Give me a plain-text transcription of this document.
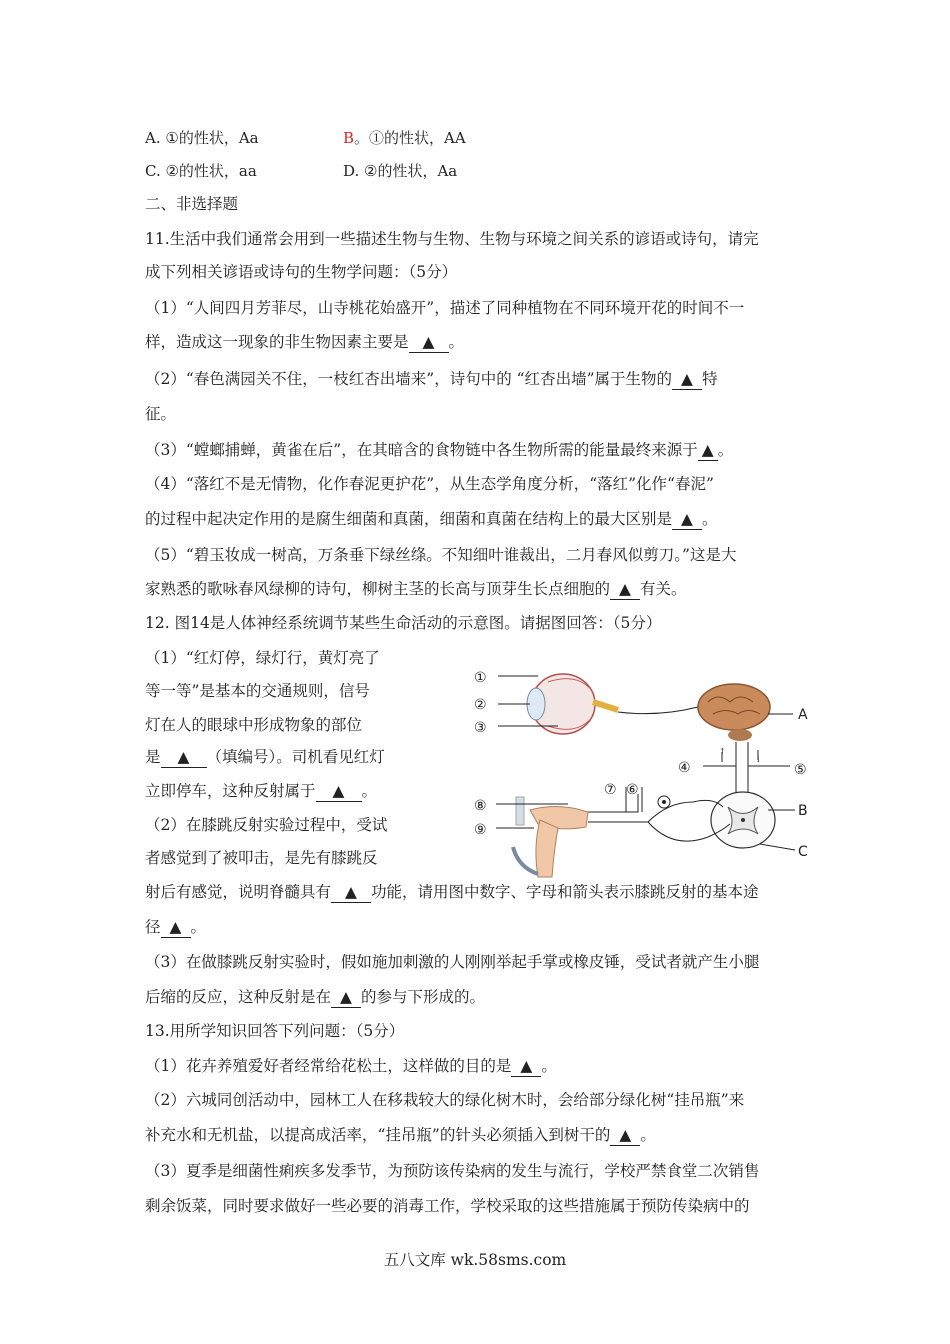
A. ①的性状，Aa	B。①的性状，AA
C. ②的性状，aa	D. ②的性状，Aa
二、非选择题
11.生活中我们通常会用到一些描述生物与生物、生物与环境之间关系的谚语或诗句，请完
成下列相关谚语或诗句的生物学问题：（5分）
（1）“人间四月芳菲尽，山寺桃花始盛开”，描述了同种植物在不同环境开花的时间不一
样，造成这一现象的非生物因素主要是 ▲ 。
（2）“春色满园关不住，一枝红杏出墙来”，诗句中的 “红杏出墙”属于生物的 ▲ 特
征。
（3）“螳螂捕蝉，黄雀在后”，在其暗含的食物链中各生物所需的能量最终来源于 ▲ 。
（4）“落红不是无情物，化作春泥更护花”，从生态学角度分析，“落红”化作“春泥”
的过程中起决定作用的是腐生细菌和真菌，细菌和真菌在结构上的最大区别是 ▲ 。
（5）“碧玉妆成一树高，万条垂下绿丝绦。不知细叶谁裁出，二月春风似剪刀。”这是大
家熟悉的歌咏春风绿柳的诗句，柳树主茎的长高与顶芽生长点细胞的 ▲ 有关。
12. 图14是人体神经系统调节某些生命活动的示意图。请据图回答：（5分）
（1）“红灯停，绿灯行，黄灯亮了
等一等”是基本的交通规则，信号
灯在人的眼球中形成物象的部位
是 ▲ （填编号）。司机看见红灯
立即停车，这种反射属于 ▲ 。
（2）在膝跳反射实验过程中，受试
者感觉到了被叩击，是先有膝跳反
①
②
③
A
↑
↓
④	⑤
B
C
⑦ ⑥
⑧
⑨
射后有感觉，说明脊髓具有 ▲ 功能，请用图中数字、字母和箭头表示膝跳反射的基本途
径 ▲ 。
（3）在做膝跳反射实验时，假如施加刺激的人刚刚举起手掌或橡皮锤，受试者就产生小腿
后缩的反应，这种反射是在 ▲ 的参与下形成的。
13.用所学知识回答下列问题：（5分）
（1）花卉养殖爱好者经常给花松土，这样做的目的是 ▲ 。
（2）六城同创活动中，园林工人在移栽较大的绿化树木时，会给部分绿化树“挂吊瓶”来
补充水和无机盐，以提高成活率，“挂吊瓶”的针头必须插入到树干的 ▲ 。
（3）夏季是细菌性痢疾多发季节，为预防该传染病的发生与流行，学校严禁食堂二次销售
剩余饭菜，同时要求做好一些必要的消毒工作，学校采取的这些措施属于预防传染病中的
五八文库 wk.58sms.com
